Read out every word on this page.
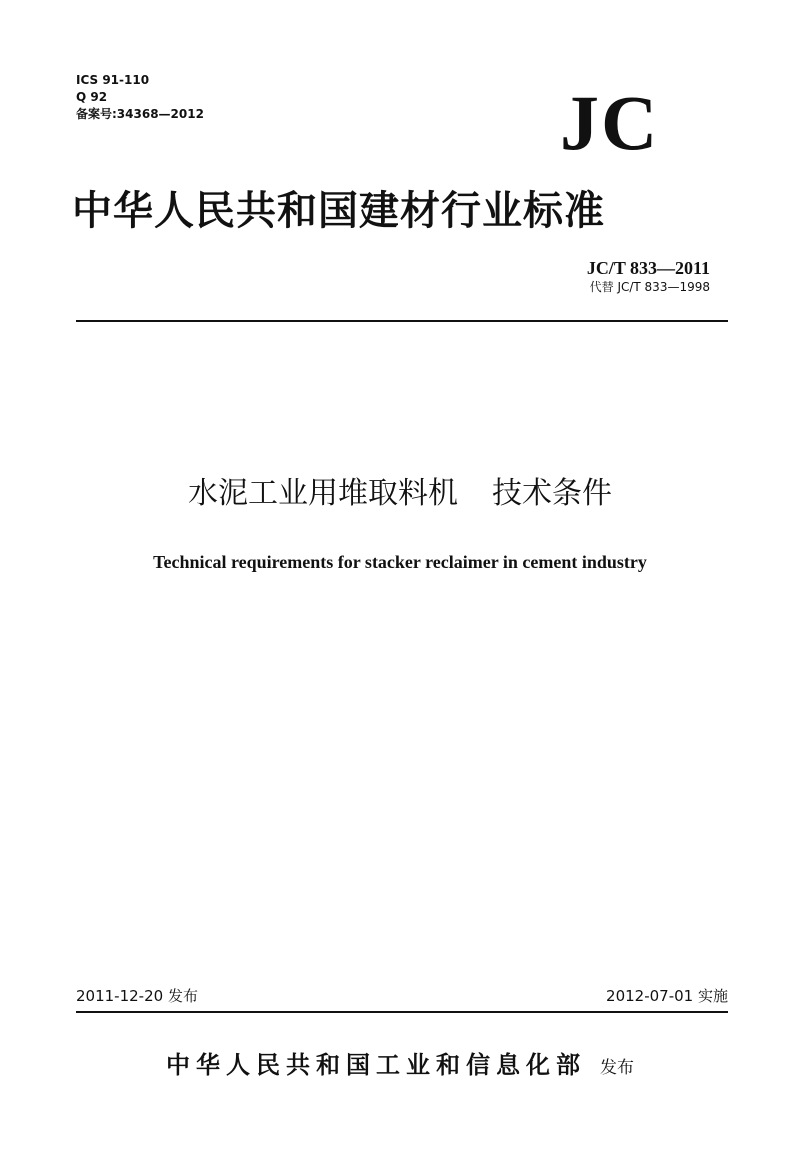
ICS 91-110
Q 92
备案号:34368—2012	JC
中华人民共和国建材行业标准
JC/T 833—2011
代替 JC/T 833—1998
水泥工业用堆取料机 技术条件
Technical requirements for stacker reclaimer in cement industry
2011-12-20 发布	2012-07-01 实施
中华人民共和国工业和信息化部 发布
